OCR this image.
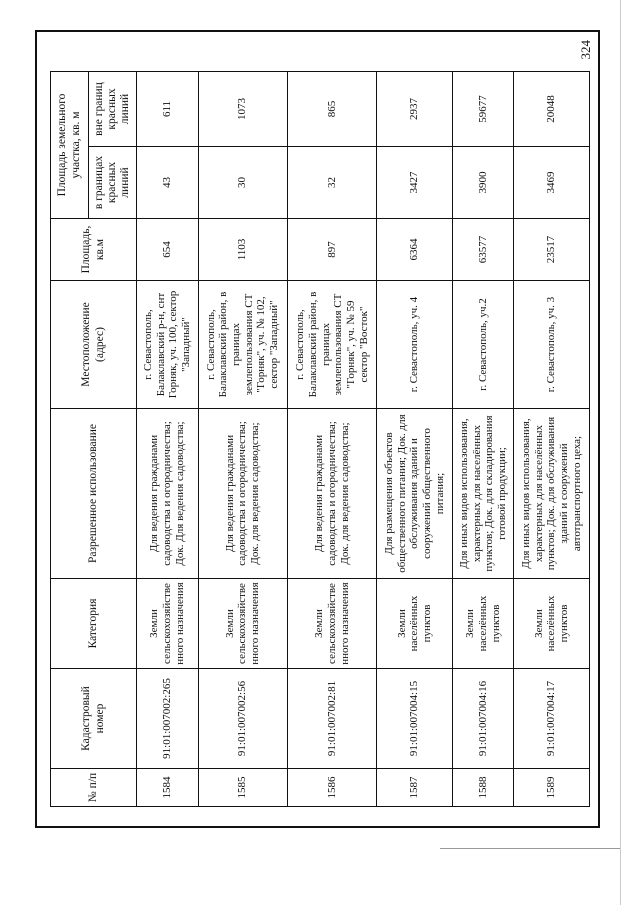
324
№ п/п	Кадастровый номер	Категория	Разрешенное использование	Местоположение (адрес)	Площадь, кв.м	Площадь земельного участка, кв. м	
						в границах красных линий	вне границ красных линий
1584	91:01:007002:265	Земли сельскохозяйственного назначения	Для ведения гражданами садоводства и огородничества; Док. Для ведения садоводства;	г. Севастополь, Балаклавский р-н, снт Горняк, уч. 100, сектор "Западный"	654	43	611
1585	91:01:007002:56	Земли сельскохозяйственного назначения	Для ведения гражданами садоводства и огородничества; Док. для ведения садоводства;	г. Севастополь, Балаклавский район, в границах землепользования СТ "Горняк", уч. № 102, сектор "Западный"	1103	30	1073
1586	91:01:007002:81	Земли сельскохозяйственного назначения	Для ведения гражданами садоводства и огородничества; Док. для ведения садоводства;	г. Севастополь, Балаклавский район, в границах землепользования СТ "Горняк", уч. № 59 сектор "Восток"	897	32	865
1587	91:01:007004:15	Земли населённых пунктов	Для размещения объектов общественного питания; Док. для обслуживания зданий и сооружений общественного питания;	г. Севастополь, уч. 4	6364	3427	2937
1588	91:01:007004:16	Земли населённых пунктов	Для иных видов использования, характерных для населённых пунктов; Док. для складирования готовой продукции;	г. Севастополь, уч.2	63577	3900	59677
1589	91:01:007004:17	Земли населённых пунктов	Для иных видов использования, характерных для населённых пунктов; Док. для обслуживания зданий и сооружений автотранспортного цеха;	г. Севастополь, уч. 3	23517	3469	20048
